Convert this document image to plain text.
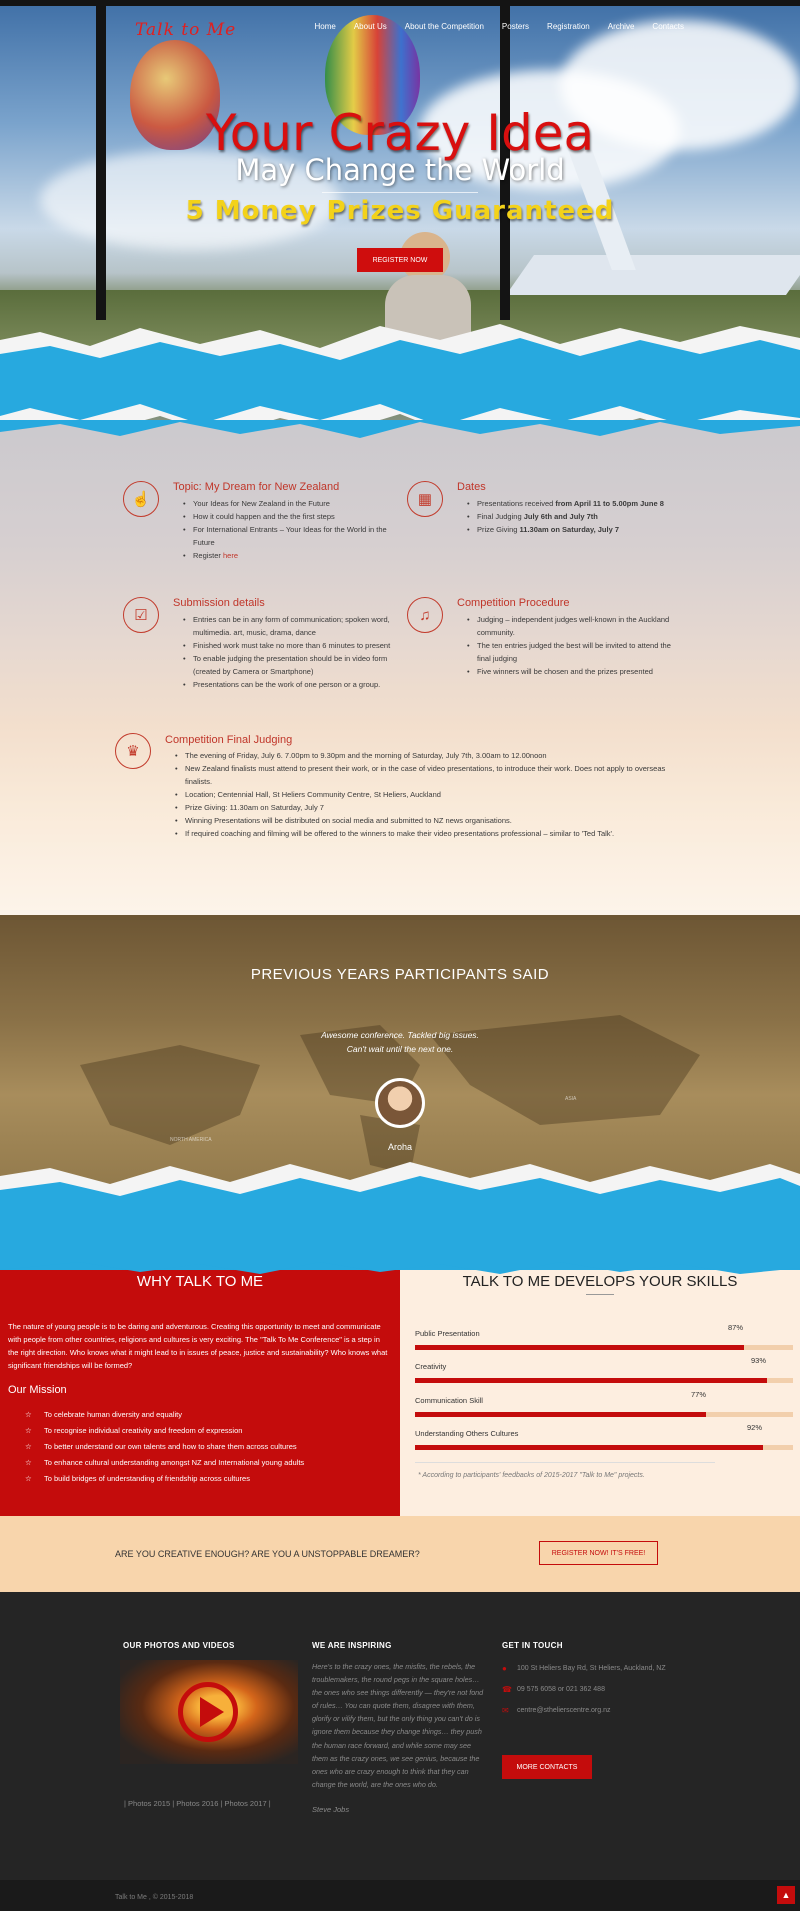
Talk to Me	Home About Us About the Competition Posters Registration Archive Contacts
Your Crazy Idea
May Change the World
5 Money Prizes Guaranteed
REGISTER NOW
☝
Topic: My Dream for New Zealand
• Your Ideas for New Zealand in the Future
• How it could happen and the the first steps
• For International Entrants – Your Ideas for the World in the Future
• Register here
▦
Dates
• Presentations received from April 11 to 5.00pm June 8
• Final Judging July 6th and July 7th
• Prize Giving 11.30am on Saturday, July 7
☑
Submission details
• Entries can be in any form of communication; spoken word, multimedia. art, music, drama, dance
• Finished work must take no more than 6 minutes to present
• To enable judging the presentation should be in video form (created by Camera or Smartphone)
• Presentations can be the work of one person or a group.
♫
Competition Procedure
• Judging – independent judges well-known in the Auckland community.
• The ten entries judged the best will be invited to attend the final judging
• Five winners will be chosen and the prizes presented
♛
Competition Final Judging
• The evening of Friday, July 6. 7.00pm to 9.30pm and the morning of Saturday, July 7th, 3.00am to 12.00noon
• New Zealand finalists must attend to present their work, or in the case of video presentations, to introduce their work. Does not apply to overseas finalists.
• Location; Centennial Hall, St Heliers Community Centre, St Heliers, Auckland
• Prize Giving: 11.30am on Saturday, July 7
• Winning Presentations will be distributed on social media and submitted to NZ news organisations.
• If required coaching and filming will be offered to the winners to make their video presentations professional – similar to 'Ted Talk'.
NORTH AMERICA
ASIA
PREVIOUS YEARS PARTICIPANTS SAID
Awesome conference. Tackled big issues.
Can't wait until the next one.
Aroha
WHY TALK TO ME	TALK TO ME DEVELOPS YOUR SKILLS
The nature of young people is to be daring and adventurous. Creating this opportunity to meet and communicate with people from other countries, religions and cultures is very exciting. The "Talk To Me Conference" is a step in the right direction. Who knows what it might lead to in issues of peace, justice and sustainability? Who knows what significant friendships will be formed?
Our Mission
☆ To celebrate human diversity and equality
☆ To recognise individual creativity and freedom of expression
☆ To better understand our own talents and how to share them across cultures
☆ To enhance cultural understanding amongst NZ and International young adults
☆ To build bridges of understanding of friendship across cultures
Public Presentation
87%
Creativity
93%
Communication Skill
77%
Understanding Others Cultures
92%
* According to participants' feedbacks of 2015-2017 "Talk to Me" projects.
ARE YOU CREATIVE ENOUGH? ARE YOU A UNSTOPPABLE DREAMER?	REGISTER NOW! IT'S FREE!
OUR PHOTOS AND VIDEOS
| Photos 2015 | Photos 2016 | Photos 2017 |
WE ARE INSPIRING
Here's to the crazy ones, the misfits, the rebels, the troublemakers, the round pegs in the square holes… the ones who see things differently — they're not fond of rules… You can quote them, disagree with them, glorify or vilify them, but the only thing you can't do is ignore them because they change things… they push the human race forward, and while some may see them as the crazy ones, we see genius, because the ones who are crazy enough to think that they can change the world, are the ones who do.
Steve Jobs
GET IN TOUCH
● 100 St Heliers Bay Rd, St Heliers, Auckland, NZ
☎ 09 575 6058 or 021 362 488
✉ centre@sthelierscentre.org.nz
MORE CONTACTS
Talk to Me , © 2015-2018	▲
